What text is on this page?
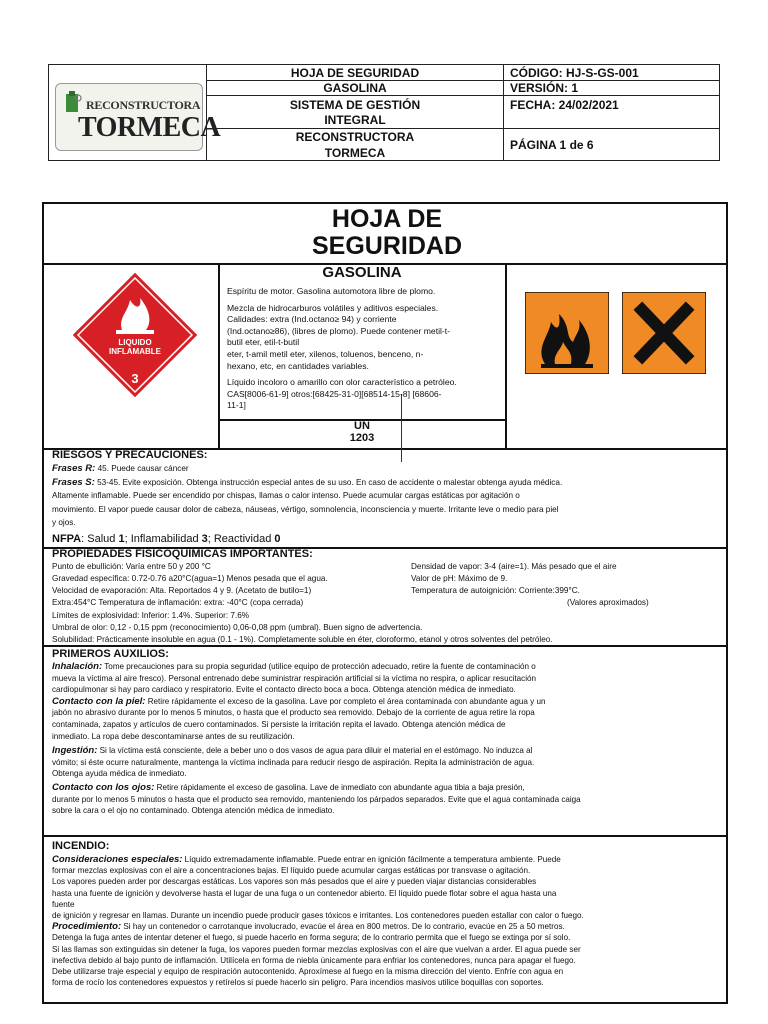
RECONSTRUCTORA
TORMECA
HOJA DE SEGURIDAD
GASOLINA
SISTEMA DE GESTIÓN
INTEGRAL
RECONSTRUCTORA
TORMECA
CÓDIGO: HJ-S-GS-001
VERSIÓN: 1
FECHA: 24/02/2021
PÁGINA 1 de 6
HOJA DE
SEGURIDAD
LIQUIDO
INFLAMABLE
3
GASOLINA
Espíritu de motor. Gasolina automotora libre de plomo.
Mezcla de hidrocarburos volátiles y aditivos especiales.
Calidades: extra (Ind.octano≥ 94) y corriente
(Ind.octano≥86), (libres de plomo). Puede contener metil-t-
butil eter, etil-t-butil
eter, t-amil metil eter, xilenos, toluenos, benceno, n-
hexano, etc, en cantidades variables.
Líquido incoloro o amarillo con olor característico a petróleo.
CAS[8006-61-9] otros:[68425-31-0][68514-15-8] [68606-
11-1]
UN
1203
RIESGOS Y PRECAUCIONES:
Frases R: 45. Puede causar cáncer
Frases S: 53-45. Evite exposición. Obtenga instrucción especial antes de su uso. En caso de accidente o malestar obtenga ayuda médica.
Altamente inflamable. Puede ser encendido por chispas, llamas o calor intenso. Puede acumular cargas estáticas por agitación o
movimiento. El vapor puede causar dolor de cabeza, náuseas, vértigo, somnolencia, inconsciencia y muerte. Irritante leve o medio para piel
y ojos.
NFPA: Salud 1; Inflamabilidad 3; Reactividad 0
PROPIEDADES FISICOQUIMICAS IMPORTANTES:
Punto de ebullición: Varía entre 50 y 200 °C
Gravedad específica: 0.72-0.76 a20°C(agua=1) Menos pesada que el agua.
Velocidad de evaporación: Alta. Reportados 4 y 9. (Acetato de butilo=1)
Extra:454°C Temperatura de inflamación: extra: -40°C (copa cerrada)
Densidad de vapor: 3-4 (aire=1). Más pesado que el aire
Valor de pH: Máximo de 9.
Temperatura de autoignición: Corriente:399°C.
(Valores aproximados)
Límites de explosividad: Inferior: 1.4%. Superior: 7.6%
Umbral de olor: 0,12 - 0,15 ppm (reconocimiento) 0,06-0,08 ppm (umbral). Buen signo de advertencia.
Solubilidad: Prácticamente insoluble en agua (0.1 - 1%). Completamente soluble en éter, cloroformo, etanol y otros solventes del petróleo.
PRIMEROS AUXILIOS:
Inhalación: Tome precauciones para su propia seguridad (utilice equipo de protección adecuado, retire la fuente de contaminación o
mueva la víctima al aire fresco). Personal entrenado debe suministrar respiración artificial si la víctima no respira, o aplicar resucitación
cardiopulmonar si hay paro cardiaco y respiratorio. Evite el contacto directo boca a boca. Obtenga atención médica de inmediato.
Contacto con la piel: Retire rápidamente el exceso de la gasolina. Lave por completo el área contaminada con abundante agua y un
jabón no abrasivo durante por lo menos 5 minutos, o hasta que el producto sea removido. Debajo de la corriente de agua retire la ropa
contaminada, zapatos y artículos de cuero contaminados. Si persiste la irritación repita el lavado. Obtenga atención médica de
inmediato. La ropa debe descontaminarse antes de su reutilización.
Ingestión: Si la víctima está consciente, dele a beber uno o dos vasos de agua para diluir el material en el estómago. No induzca al
vómito; si éste ocurre naturalmente, mantenga la víctima inclinada para reducir riesgo de aspiración. Repita la administración de agua.
Obtenga ayuda médica de inmediato.
Contacto con los ojos: Retire rápidamente el exceso de gasolina. Lave de inmediato con abundante agua tibia a baja presión,
durante por lo menos 5 minutos o hasta que el producto sea removido, manteniendo los párpados separados. Evite que el agua contaminada caiga
sobre la cara o el ojo no contaminado. Obtenga atención médica de inmediato.
INCENDIO:
Consideraciones especiales: Líquido extremadamente inflamable. Puede entrar en ignición fácilmente a temperatura ambiente. Puede
formar mezclas explosivas con el aire a concentraciones bajas. El líquido puede acumular cargas estáticas por transvase o agitación.
Los vapores pueden arder por descargas estáticas. Los vapores son más pesados que el aire y pueden viajar distancias considerables
hasta una fuente de ignición y devolverse hasta el lugar de una fuga o un contenedor abierto. El líquido puede flotar sobre el agua hasta una
fuente
de ignición y regresar en llamas. Durante un incendio puede producir gases tóxicos e irritantes. Los contenedores pueden estallar con calor o fuego.
Procedimiento: Si hay un contenedor o carrotanque involucrado, evacúe el área en 800 metros. De lo contrario, evacúe en 25 a 50 metros.
Detenga la fuga antes de intentar detener el fuego, si puede hacerlo en forma segura; de lo contrario permita que el fuego se extinga por sí solo.
Si las llamas son extinguidas sin detener la fuga, los vapores pueden formar mezclas explosivas con el aire que vuelvan a arder. El agua puede ser
inefectiva debido al bajo punto de inflamación. Utilícela en forma de niebla únicamente para enfriar los contenedores, nunca para apagar el fuego.
Debe utilizarse traje especial y equipo de respiración autocontenido. Aproxímese al fuego en la misma dirección del viento. Enfríe con agua en
forma de rocío los contenedores expuestos y retírelos si puede hacerlo sin peligro. Para incendios masivos utilice boquillas con soportes.
